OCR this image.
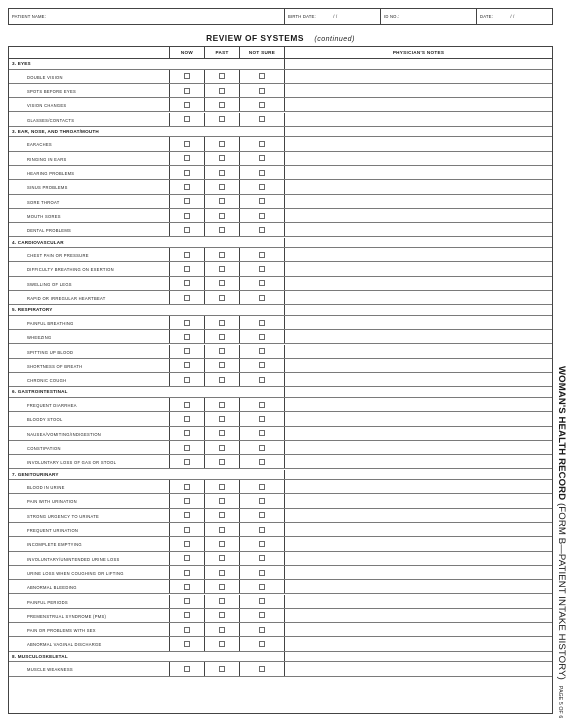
PATIENT NAME:	BIRTH DATE:	/ /	ID NO.:	DATE:	/ /
REVIEW OF SYSTEMS (continued)
NOW	PAST	NOT SURE	PHYSICIAN'S NOTES
3. EYES
DOUBLE VISION
SPOTS BEFORE EYES
VISION CHANGES
GLASSES/CONTACTS
3. EAR, NOSE, AND THROAT/MOUTH
EARACHES
RINGING IN EARS
HEARING PROBLEMS
SINUS PROBLEMS
SORE THROAT
MOUTH SORES
DENTAL PROBLEMS
4. CARDIOVASCULAR
CHEST PAIN OR PRESSURE
DIFFICULTY BREATHING ON EXERTION
SWELLING OF LEGS
RAPID OR IRREGULAR HEARTBEAT
5. RESPIRATORY
PAINFUL BREATHING
WHEEZING
SPITTING UP BLOOD
SHORTNESS OF BREATH
CHRONIC COUGH
6. GASTROINTESTINAL
FREQUENT DIARRHEA
BLOODY STOOL
NAUSEA/VOMITING/INDIGESTION
CONSTIPATION
INVOLUNTARY LOSS OF GAS OR STOOL
7. GENITOURINARY
BLOOD IN URINE
PAIN WITH URINATION
STRONG URGENCY TO URINATE
FREQUENT URINATION
INCOMPLETE EMPTYING
INVOLUNTARY/UNINTENDED URINE LOSS
URINE LOSS WHEN COUGHING OR LIFTING
ABNORMAL BLEEDING
PAINFUL PERIODS
PREMENSTRUAL SYNDROME (PMS)
PAIN OR PROBLEMS WITH SEX
ABNORMAL VAGINAL DISCHARGE
8. MUSCULOSKELETAL
MUSCLE WEAKNESS
WOMAN'S HEALTH RECORD (FORM B—PATIENT INTAKE HISTORY)PAGE 5 OF 6
